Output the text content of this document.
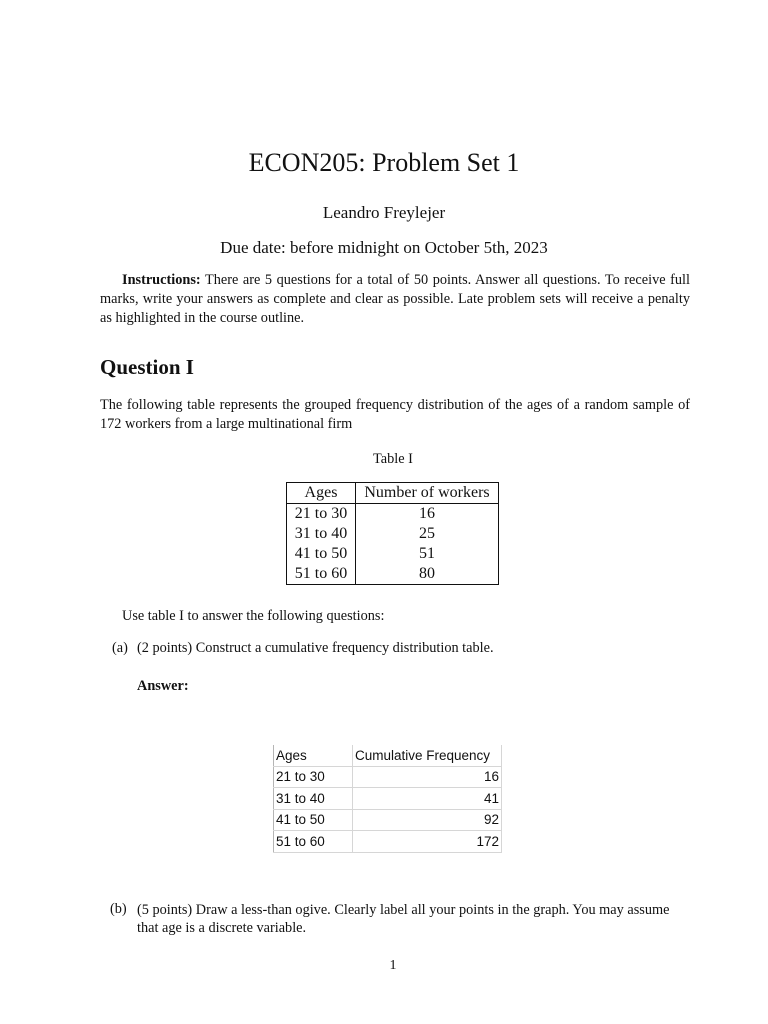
ECON205: Problem Set 1
Leandro Freylejer
Due date: before midnight on October 5th, 2023
Instructions: There are 5 questions for a total of 50 points. Answer all questions. To receive full marks, write your answers as complete and clear as possible. Late problem sets will receive a penalty as highlighted in the course outline.
Question I
The following table represents the grouped frequency distribution of the ages of a random sample of 172 workers from a large multinational firm
Table I
Ages	Number of workers
21 to 30	16
31 to 40	25
41 to 50	51
51 to 60	80
Use table I to answer the following questions:
(a) (2 points) Construct a cumulative frequency distribution table.
Answer:
Ages	Cumulative Frequency
21 to 30	16
31 to 40	41
41 to 50	92
51 to 60	172
(b) (5 points) Draw a less-than ogive. Clearly label all your points in the graph. You may assume that age is a discrete variable.
1
